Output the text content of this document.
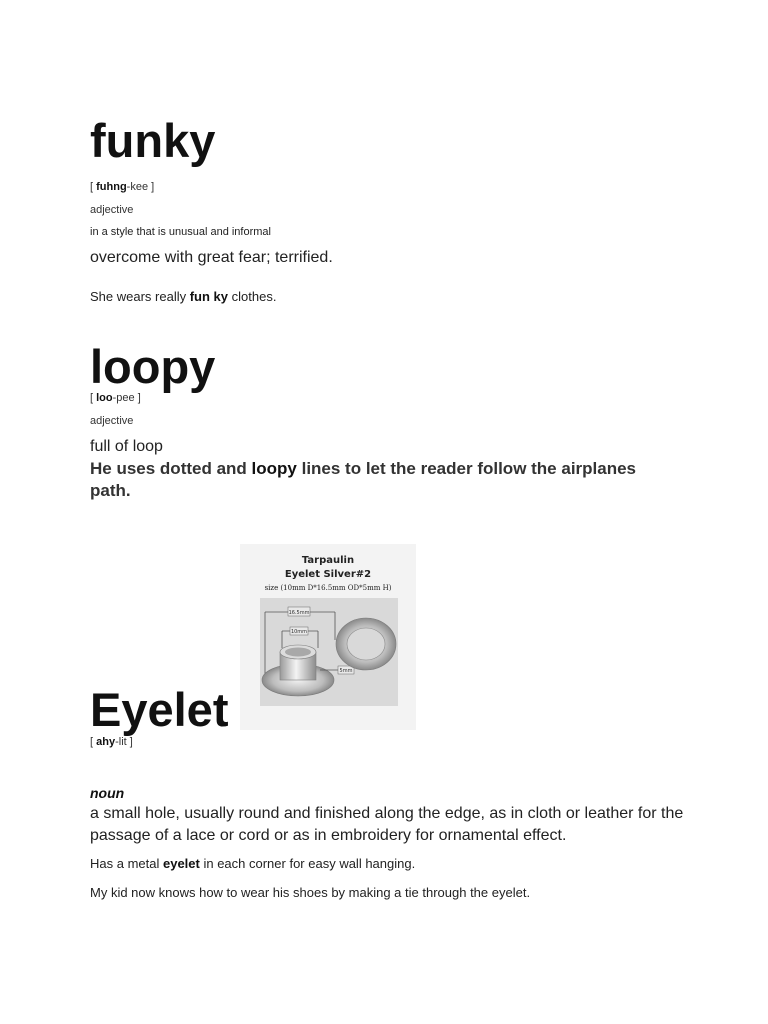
funky

[ fuhng-kee ]

adjective

in a style that is unusual and informal

overcome with great fear; terrified.

She wears really fun ky clothes.

loopy

[ loo-pee ]

adjective

full of loop

He uses dotted and loopy lines to let the reader follow the airplanes path.

Tarpaulin
Eyelet Silver#2
size (10mm D*16.5mm OD*5mm H)
16.5mm
10mm
5mm
Eyelet

[ ahy-lit ]

noun

a small hole, usually round and finished along the edge, as in cloth or leather for the passage of a lace or cord or as in embroidery for ornamental effect.

Has a metal eyelet in each corner for easy wall hanging.

My kid now knows how to wear his shoes by making a tie through the eyelet.
